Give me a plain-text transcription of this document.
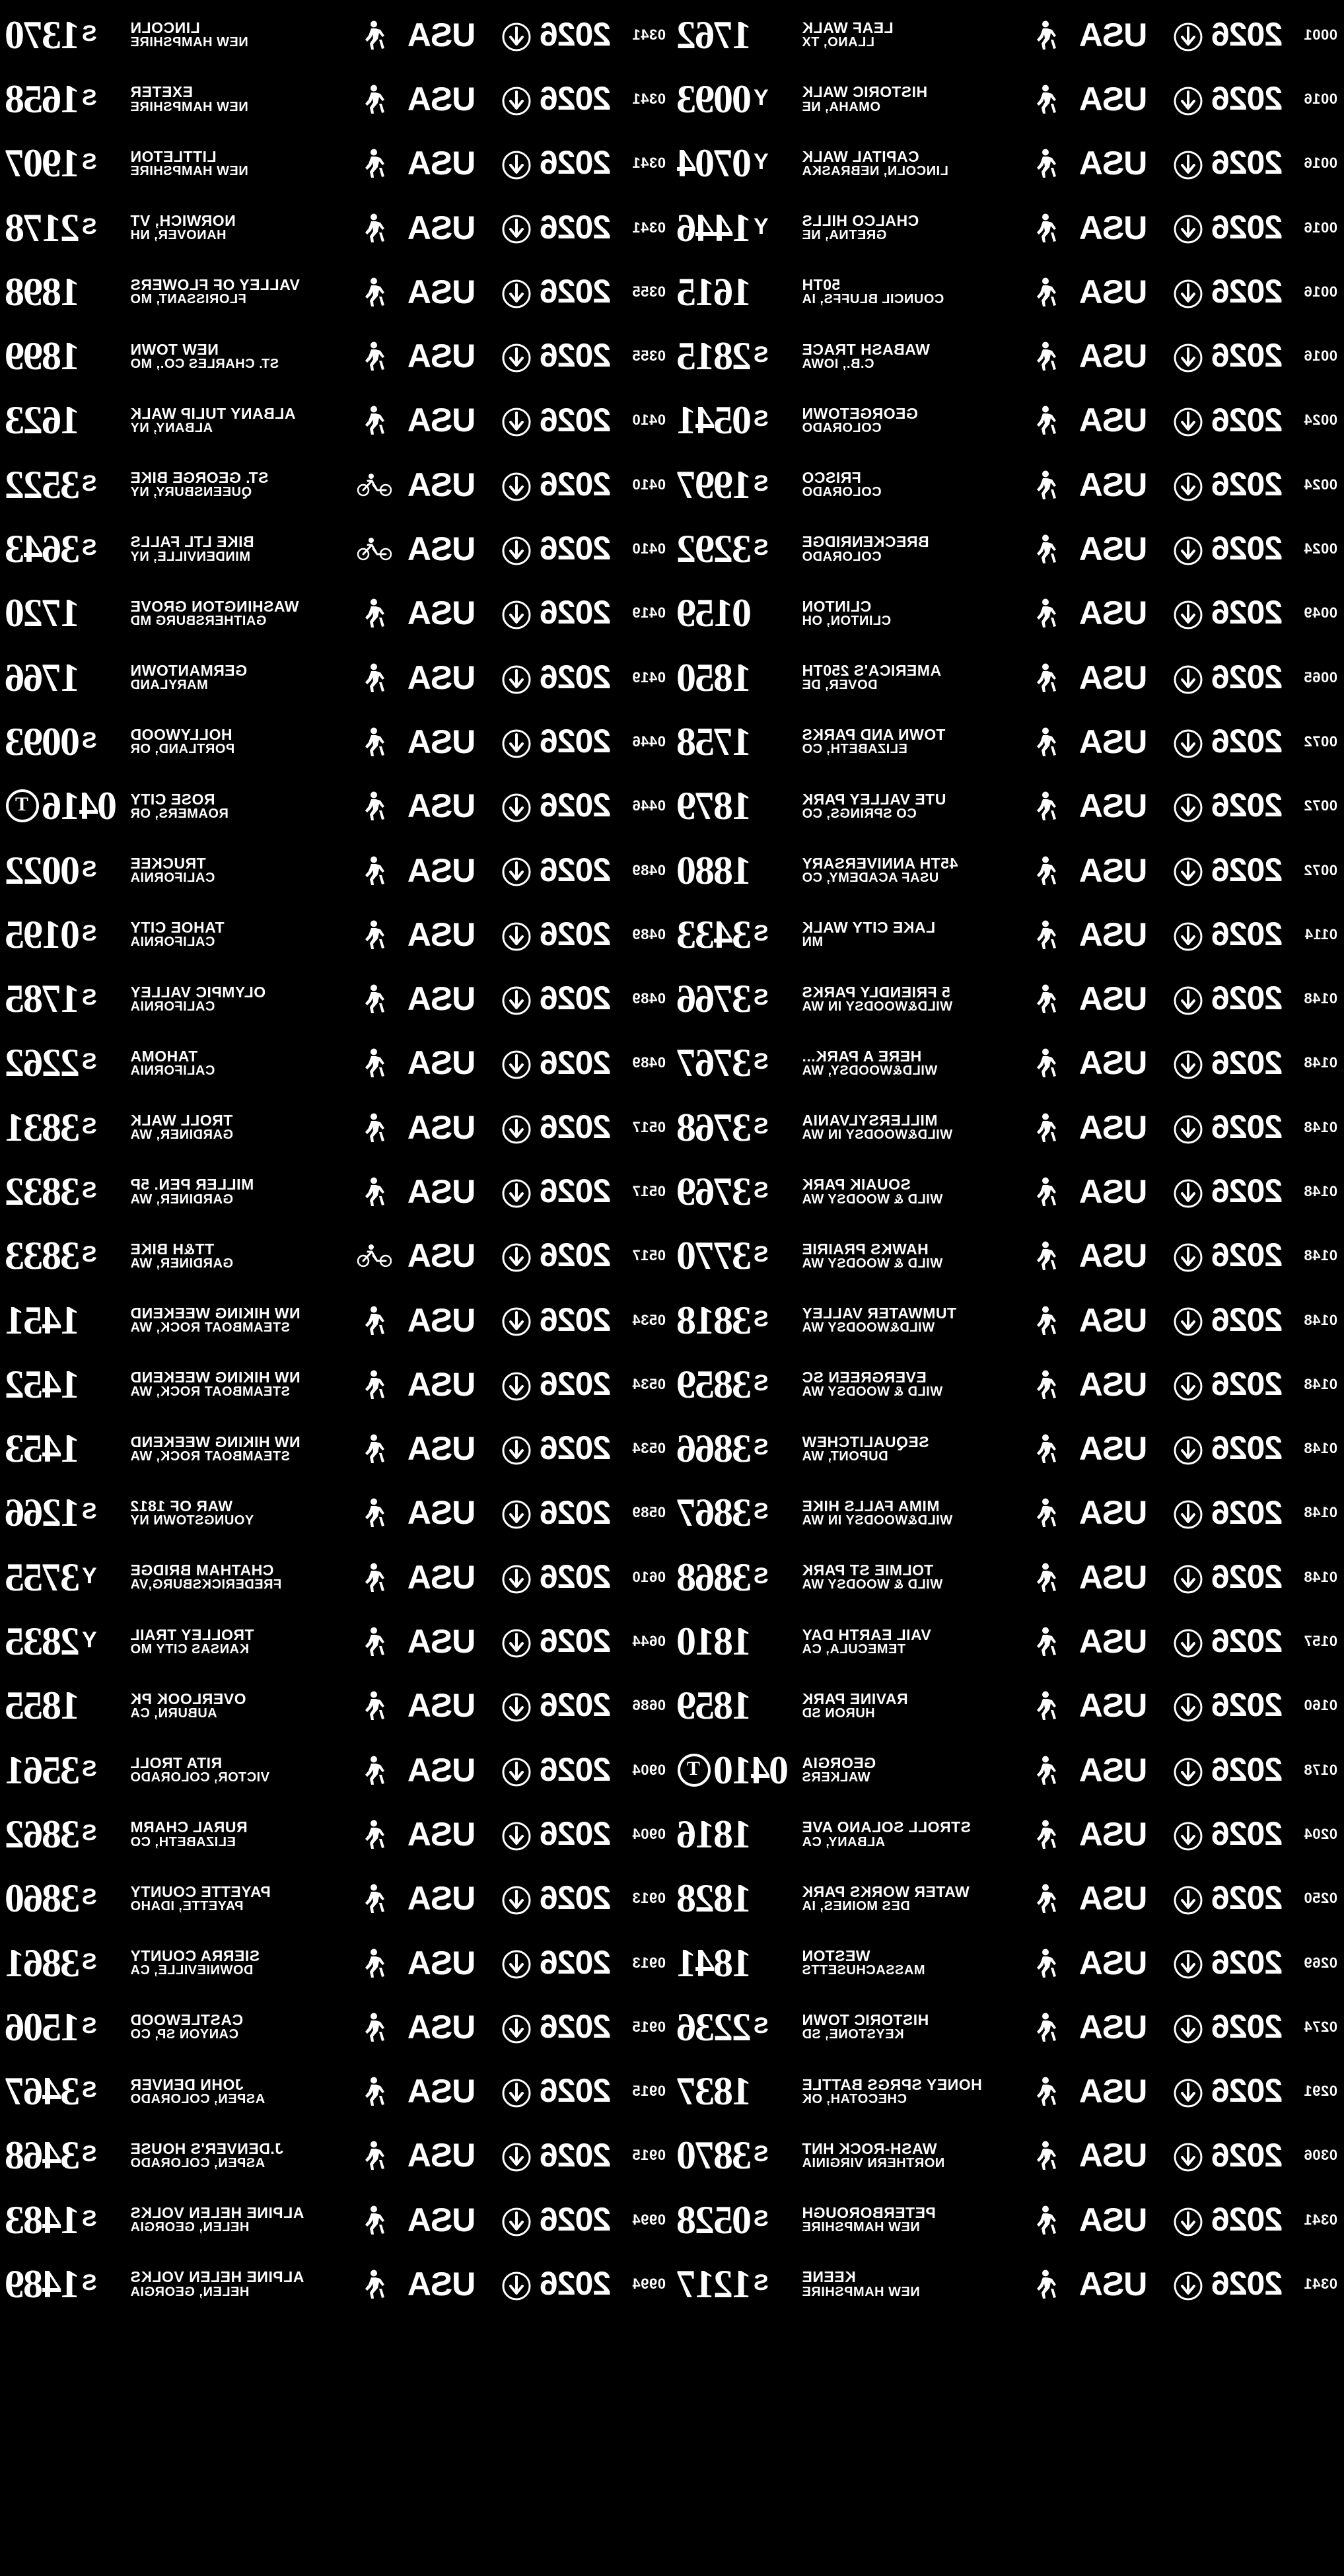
0001
2026
USA
LEAF WALK
LLANO, TX
1762
0016
2026
USA
HISTORIC WALK
OMAHA, NE
Y
0093
0016
2026
USA
CAPITAL WALK
LINCOLN, NEBRASKA
Y
0704
0016
2026
USA
CHALCO HILLS
GRETNA, NE
Y
1446
0016
2026
USA
50TH
COUNCIL BLUFFS, IA
1615
0016
2026
USA
WABASH TRACE
C.B., IOWA
S
2815
0024
2026
USA
GEORGETOWN
COLORADO
S
0541
0024
2026
USA
FRISCO
COLORADO
S
1997
0024
2026
USA
BRECKENRIDGE
COLORADO
S
3292
0049
2026
USA
CLINTON
CLINTON, OH
0159
0065
2026
USA
AMERICA'S 250TH
DOVER, DE
1850
0072
2026
USA
TOWN AND PARKS
ELIZABETH, CO
1758
0072
2026
USA
UTE VALLEY PARK
CO SPRINGS, CO
1879
0072
2026
USA
45TH ANNIVERSARY
USAF ACADEMY, CO
1880
0114
2026
USA
LAKE CITY WALK
MN
S
3433
0148
2026
USA
5 FRIENDLY PARKS
WILD&WOODSY IN WA
S
3766
0148
2026
USA
HERE A PARK...
WILD&WOODSY, WA
S
3767
0148
2026
USA
MILLERSYLVANIA
WILD&WOODSY IN WA
S
3768
0148
2026
USA
SOUAIK PARK
WILD & WOODSY WA
S
3769
0148
2026
USA
HAWKS PRAIRIE
WILD & WOODSY WA
S
3770
0148
2026
USA
TUMWATER VALLEY
WILD&WOODSY WA
S
3818
0148
2026
USA
EVERGREEN SC
WILD & WOODSY WA
S
3859
0148
2026
USA
SEQUALITCHEW
DUPONT, WA
S
3866
0148
2026
USA
MIMA FALLS HIKE
WILD&WOODSY IN WA
S
3867
0148
2026
USA
TOLMIE ST PARK
WILD & WOODSY WA
S
3868
0157
2026
USA
VAIL EARTH DAY
TEMECULA, CA
1810
0160
2026
USA
RAVINE PARK
HURON SD
1859
0178
2026
USA
GEORGIA
WALKERS
0410
T
0204
2026
USA
STROLL SOLANO AVE
ALBANY, CA
1816
0250
2026
USA
WATER WORKS PARK
DES MOINES, IA
1828
0269
2026
USA
WESTON
MASSACHUSETTS
1841
0274
2026
USA
HISTORIC TOWN
KEYSTONE, SD
S
2236
0291
2026
USA
HONEY SPRGS BATTLE
CHECOTAH, OK
1837
0306
2026
USA
WASH-ROCK HNT
NORTHERN VIRGINIA
S
3870
0341
2026
USA
PETERBOROUGH
NEW HAMPSHIRE
S
0528
0341
2026
USA
KEENE
NEW HAMPSHIRE
S
1217
0341
2026
USA
LINCOLN
NEW HAMPSHIRE
S
1370
0341
2026
USA
EXETER
NEW HAMPSHIRE
S
1658
0341
2026
USA
LITTLETON
NEW HAMPSHIRE
S
1907
0341
2026
USA
NORWICH, VT
HANOVER, NH
S
2178
0355
2026
USA
VALLEY OF FLOWERS
FLORISSANT, MO
1898
0355
2026
USA
NEW TOWN
ST. CHARLES CO., MO
1899
0410
2026
USA
ALBANY TULIP WALK
ALBANY, NY
1623
0410
2026
USA
ST. GEORGE BIKE
QUEENSBURY, NY
S
3522
0410
2026
USA
BIKE LTL FALLS
MINDENVILLE, NY
S
3643
0419
2026
USA
WASHINGTON GROVE
GAITHERSBURG MD
1720
0419
2026
USA
GERMANTOWN
MARYLAND
1766
0446
2026
USA
HOLLYWOOD
PORTLAND, OR
S
0093
0446
2026
USA
ROSE CITY
ROAMERS, OR
0416
T
0489
2026
USA
TRUCKEE
CALIFORNIA
S
0022
0489
2026
USA
TAHOE CITY
CALIFORNIA
S
0195
0489
2026
USA
OLYMPIC VALLEY
CALIFORNIA
S
1785
0489
2026
USA
TAHOMA
CALIFORNIA
S
2262
0517
2026
USA
TROLL WALK
GARDINER, WA
S
3831
0517
2026
USA
MILLER PEN. 5P
GARDINER, WA
S
3832
0517
2026
USA
TT&H BIKE
GARDINER, WA
S
3833
0534
2026
USA
NW HIKING WEEKEND
STEAMBOAT ROCK, WA
1451
0534
2026
USA
NW HIKING WEEKEND
STEAMBOAT ROCK, WA
1452
0534
2026
USA
NW HIKING WEEKEND
STEAMBOAT ROCK, WA
1453
0589
2026
USA
WAR OF 1812
YOUNGSTOWN NY
S
1266
0610
2026
USA
CHATHAM BRIDGE
FREDERICKSBURG,VA
Y
3755
0644
2026
USA
TROLLEY TRAIL
KANSAS CITY MO
Y
2835
0686
2026
USA
OVERLOOK PK
AUBURN, CA
1855
0904
2026
USA
RITA TROLL
VICTOR, COLORADO
S
3561
0904
2026
USA
RURAL CHARM
ELIZABETH, CO
S
3862
0913
2026
USA
PAYETTE COUNTY
PAYETTE, IDAHO
S
3860
0913
2026
USA
SIERRA COUNTY
DOWNIEVILLE, CA
S
3861
0915
2026
USA
CASTLEWOOD
CANYON SP, CO
S
1506
0915
2026
USA
JOHN DENVER
ASPEN, COLORADO
S
3467
0915
2026
USA
J.DENVER'S HOUSE
ASPEN, COLORADO
S
3468
0994
2026
USA
ALPINE HELEN VOLKS
HELEN, GEORGIA
S
1483
0994
2026
USA
ALPINE HELEN VOLKS
HELEN, GEORGIA
S
1489
